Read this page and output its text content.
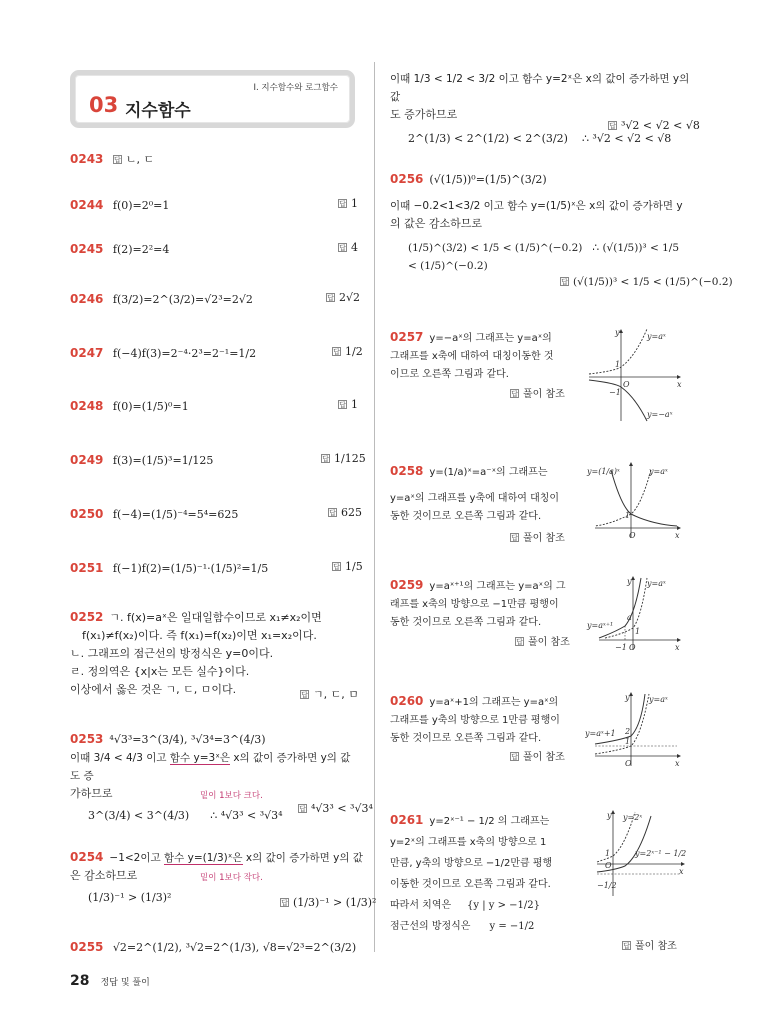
Ⅰ. 지수함수와 로그함수
03 지수함수
0243 답 ㄴ, ㄷ
0244 f(0)=2⁰=1	답 1
0245 f(2)=2²=4	답 4
0246 f(3/2)=2^(3/2)=√2³=2√2	답 2√2
0247 f(−4)f(3)=2⁻⁴·2³=2⁻¹=1/2	답 1/2
0248 f(0)=(1/5)⁰=1	답 1
0249 f(3)=(1/5)³=1/125	답 1/125
0250 f(−4)=(1/5)⁻⁴=5⁴=625	답 625
0251 f(−1)f(2)=(1/5)⁻¹·(1/5)²=1/5	답 1/5
0252 ㄱ. f(x)=aˣ은 일대일함수이므로 x₁≠x₂이면
f(x₁)≠f(x₂)이다. 즉 f(x₁)=f(x₂)이면 x₁=x₂이다.
ㄴ. 그래프의 점근선의 방정식은 y=0이다.
ㄹ. 정의역은 {x|x는 모든 실수}이다.
이상에서 옳은 것은 ㄱ, ㄷ, ㅁ이다.	답 ㄱ, ㄷ, ㅁ
0253 ⁴√3³=3^(3/4), ³√3⁴=3^(4/3)
이때 3/4 < 4/3 이고 함수 y=3ˣ은 x의 값이 증가하면 y의 값도 증
가하므로	밑이 1보다 크다.
3^(3/4) < 3^(4/3) ∴ ⁴√3³ < ³√3⁴	답 ⁴√3³ < ³√3⁴
0254 −1<2이고 함수 y=(1/3)ˣ은 x의 값이 증가하면 y의 값
은 감소하므로	밑이 1보다 작다.
(1/3)⁻¹ > (1/3)²	답 (1/3)⁻¹ > (1/3)²
0255 √2=2^(1/2), ³√2=2^(1/3), √8=√2³=2^(3/2)
이때 1/3 < 1/2 < 3/2 이고 함수 y=2ˣ은 x의 값이 증가하면 y의 값
도 증가하므로
2^(1/3) < 2^(1/2) < 2^(3/2) ∴ ³√2 < √2 < √8
답 ³√2 < √2 < √8
0256 (√(1/5))⁰=(1/5)^(3/2)
이때 −0.2<1<3/2 이고 함수 y=(1/5)ˣ은 x의 값이 증가하면 y
의 값은 감소하므로
(1/5)^(3/2) < 1/5 < (1/5)^(−0.2) ∴ (√(1/5))³ < 1/5 < (1/5)^(−0.2)
답 (√(1/5))³ < 1/5 < (1/5)^(−0.2)
0257 y=−aˣ의 그래프는 y=aˣ의
그래프를 x축에 대하여 대칭이동한 것
이므로 오른쪽 그림과 같다.
답 풀이 참조
y
x
O
1
−1
y=aˣ
y=−aˣ
0258 y=(1/a)ˣ=a⁻ˣ의 그래프는
y=aˣ의 그래프를 y축에 대하여 대칭이
동한 것이므로 오른쪽 그림과 같다.
답 풀이 참조
y=(1/a)ˣ	y=aˣ
1
O	x
0259 y=aˣ⁺¹의 그래프는 y=aˣ의 그
래프를 x축의 방향으로 −1만큼 평행이
동한 것이므로 오른쪽 그림과 같다.
답 풀이 참조
y y=aˣ
y=aˣ⁺¹
a
1
−1 O	x
0260 y=aˣ+1의 그래프는 y=aˣ의
그래프를 y축의 방향으로 1만큼 평행이
동한 것이므로 오른쪽 그림과 같다.
답 풀이 참조
y y=aˣ
y=aˣ+1 2
1
O	x
0261 y=2ˣ⁻¹ − 1/2 의 그래프는
y=2ˣ의 그래프를 x축의 방향으로 1
만큼, y축의 방향으로 −1/2만큼 평행
이동한 것이므로 오른쪽 그림과 같다.
따라서 치역은 {y | y > −1/2}
점근선의 방정식은 y = −1/2
답 풀이 참조
y y=2ˣ
y=2ˣ⁻¹ − 1/2
1
O
−1/2
x
28 정답 및 풀이
